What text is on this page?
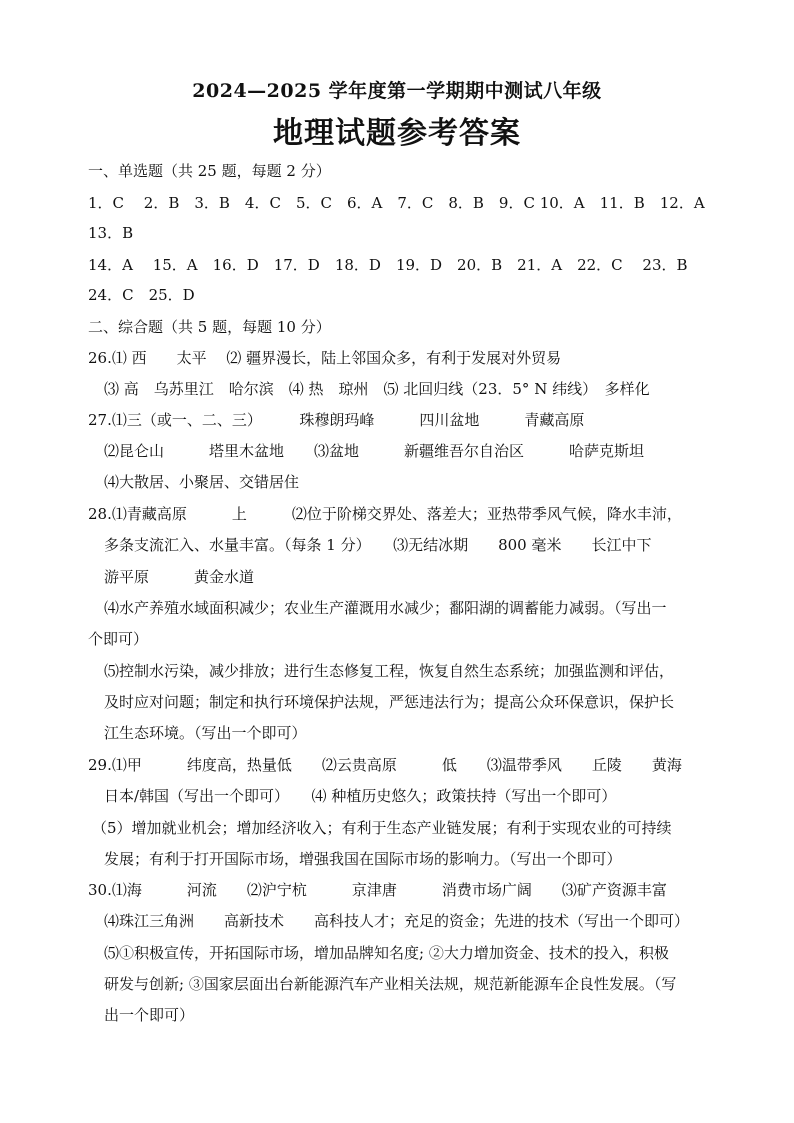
2024—2025 学年度第一学期期中测试八年级
地理试题参考答案
一、单选题（共 25 题，每题 2 分）
1．C　 2．B　3．B　4．C　5．C　6．A　7．C　8．B　9．C 10．A　11．B　12．A
13．B
14．A　 15．A　16．D　17．D　18．D　19．D　20．B　21．A　22．C　 23．B
24．C　25．D
二、综合题（共 5 题，每题 10 分）
26.⑴ 西　　太平　 ⑵ 疆界漫长，陆上邻国众多，有利于发展对外贸易
⑶ 高　乌苏里江　哈尔滨　⑷ 热　琼州　⑸ 北回归线（23．5° N 纬线）　多样化
27.⑴三（或一、二、三）　　　珠穆朗玛峰　　　四川盆地　　　青藏高原
⑵昆仑山　　　塔里木盆地　　⑶盆地　　　新疆维吾尔自治区　　　哈萨克斯坦
⑷大散居、小聚居、交错居住
28.⑴青藏高原　　　上　　　⑵位于阶梯交界处、落差大；亚热带季风气候，降水丰沛，
多条支流汇入、水量丰富。（每条 1 分）　　⑶无结冰期　　800 毫米　　长江中下
游平原　　　黄金水道
⑷水产养殖水域面积减少；农业生产灌溉用水减少；鄱阳湖的调蓄能力减弱。（写出一
个即可）
⑸控制水污染，减少排放；进行生态修复工程，恢复自然生态系统；加强监测和评估，
及时应对问题；制定和执行环境保护法规，严惩违法行为；提高公众环保意识，保护长
江生态环境。（写出一个即可）
29.⑴甲　　　纬度高，热量低　　⑵云贵高原　　　低　　⑶温带季风　　丘陵　　黄海
日本/韩国（写出一个即可）　　⑷ 种植历史悠久；政策扶持（写出一个即可）
（5）增加就业机会；增加经济收入；有利于生态产业链发展；有利于实现农业的可持续
发展；有利于打开国际市场，增强我国在国际市场的影响力。（写出一个即可）
30.⑴海　　　河流　　⑵沪宁杭　　　京津唐　　　消费市场广阔　　⑶矿产资源丰富
⑷珠江三角洲　　高新技术　　高科技人才；充足的资金；先进的技术（写出一个即可）
⑸①积极宣传，开拓国际市场，增加品牌知名度; ②大力增加资金、技术的投入，积极
研发与创新; ③国家层面出台新能源汽车产业相关法规，规范新能源车企良性发展。（写
出一个即可）
